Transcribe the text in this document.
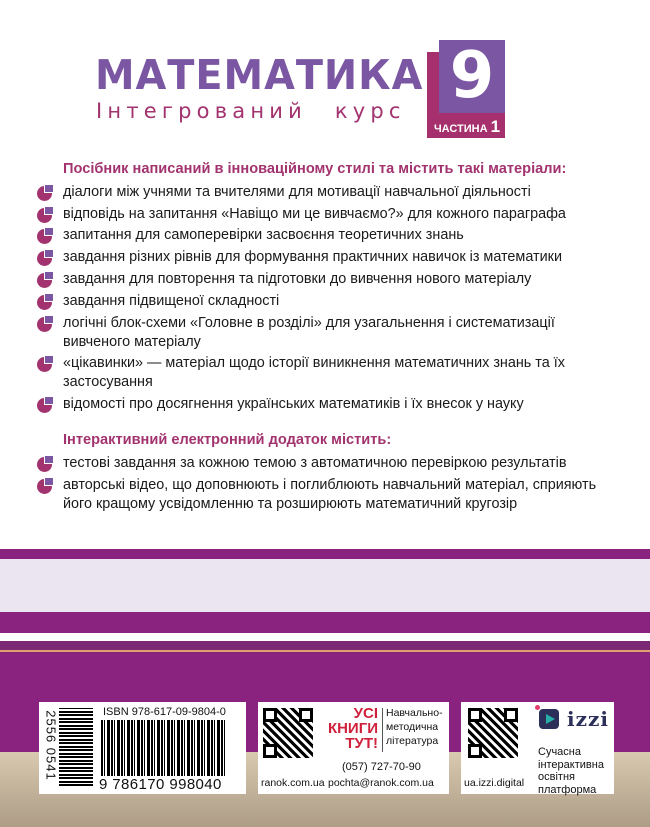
МАТЕМАТИКА
Інтегрований курс 9
ЧАСТИНА 1
Посібник написаний в інноваційному стилі та містить такі матеріали:
діалоги між учнями та вчителями для мотивації навчальної діяльності
відповідь на запитання «Навіщо ми це вивчаємо?» для кожного параграфа
запитання для самоперевірки засвоєння теоретичних знань
завдання різних рівнів для формування практичних навичок із математики
завдання для повторення та підготовки до вивчення нового матеріалу
завдання підвищеної складності
логічні блок-схеми «Головне в розділі» для узагальнення і систематизації вивченого матеріалу
«цікавинки» — матеріал щодо історії виникнення математичних знань та їх застосування
відомості про досягнення українських математиків і їх внесок у науку
Інтерактивний електронний додаток містить:
тестові завдання за кожною темою з автоматичною перевіркою результатів
авторські відео, що доповнюють і поглиблюють навчальний матеріал, сприяють його кращому усвідомленню та розширюють математичний кругозір
2556 0541	ISBN 978-617-09-9804-0
9 786170 998040
УСІ КНИГИ ТУТ!
Навчально-методична література
(057) 727-70-90
ranok.com.ua pochta@ranok.com.ua
izzi
Сучасна інтерактивна освітня платформа
ua.izzi.digital
